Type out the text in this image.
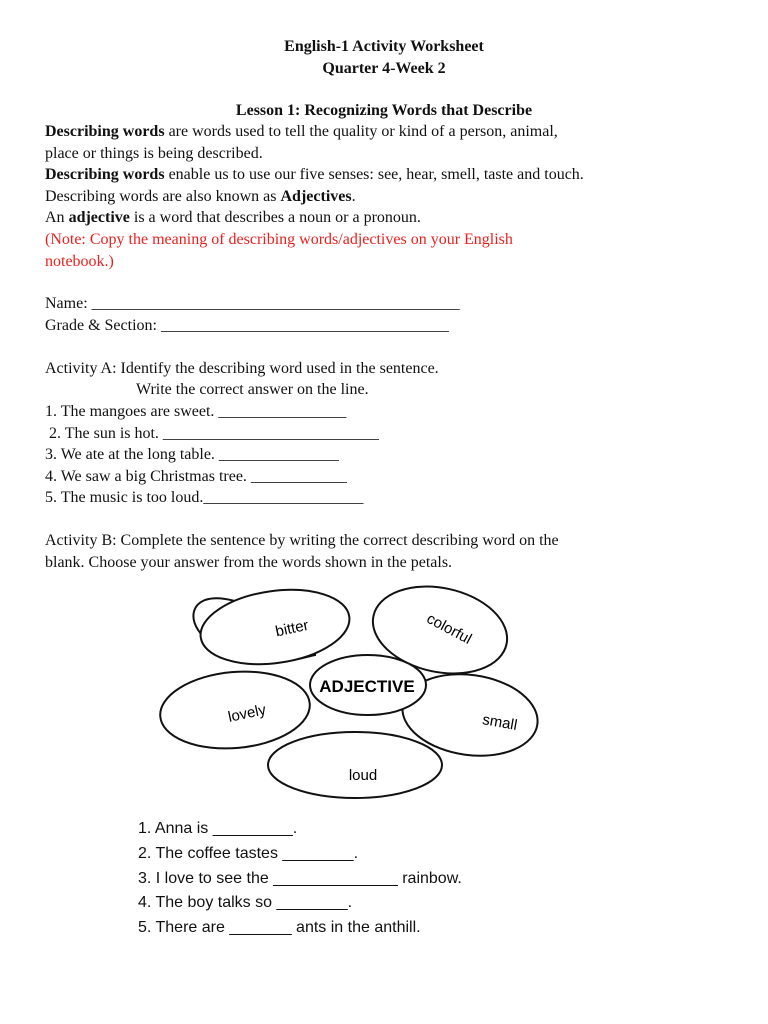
English-1 Activity Worksheet
Quarter 4-Week 2
Lesson 1: Recognizing Words that Describe
Describing words are words used to tell the quality or kind of a person, animal,
place or things is being described.
Describing words enable us to use our five senses: see, hear, smell, taste and touch.
Describing words are also known as Adjectives.
An adjective is a word that describes a noun or a pronoun.
(Note: Copy the meaning of describing words/adjectives on your English
notebook.)
Name: ______________________________________________
Grade & Section: ____________________________________
Activity A: Identify the describing word used in the sentence.
Write the correct answer on the line.
1. The mangoes are sweet. ________________
2. The sun is hot. ___________________________
3. We ate at the long table. _______________
4. We saw a big Christmas tree. ____________
5. The music is too loud.____________________
Activity B: Complete the sentence by writing the correct describing word on the
blank. Choose your answer from the words shown in the petals.
ADJECTIVE
bitter	colorful
small
loud
lovely
1. Anna is _________.
2. The coffee tastes ________.
3. I love to see the ______________ rainbow.
4. The boy talks so ________.
5. There are _______ ants in the anthill.
